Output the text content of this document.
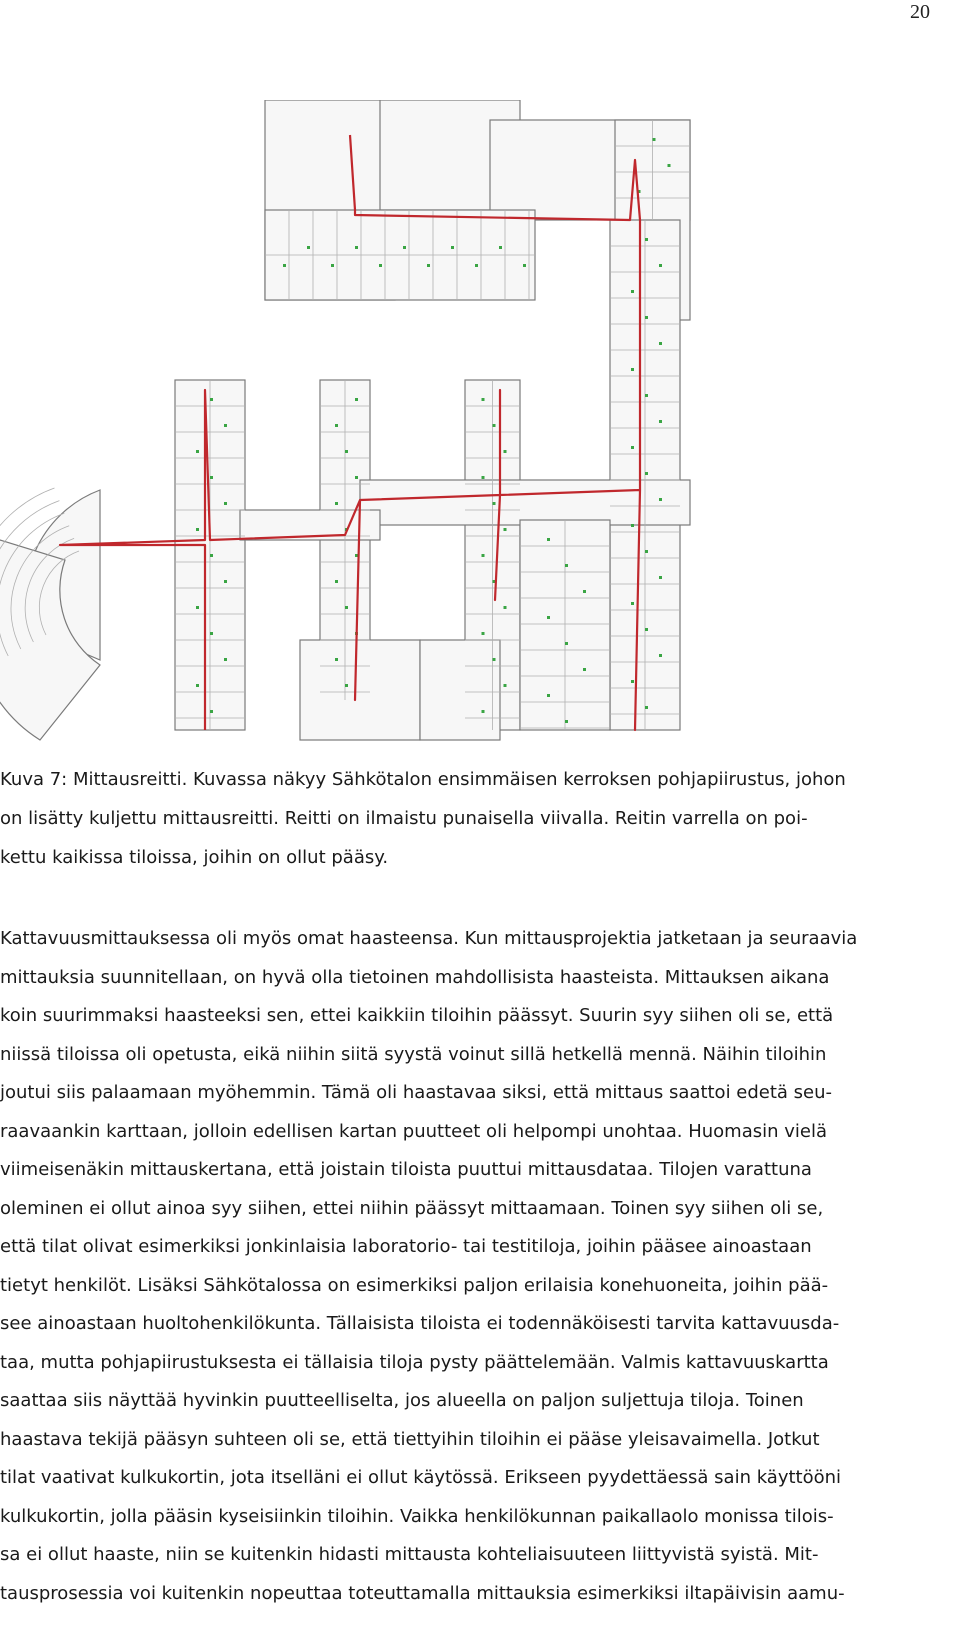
20

Kuva 7: Mittausreitti. Kuvassa näkyy Sähkötalon ensimmäisen kerroksen pohjapiirustus, johon
on lisätty kuljettu mittausreitti. Reitti on ilmaistu punaisella viivalla. Reitin varrella on poi-
kettu kaikissa tiloissa, joihin on ollut pääsy.

Kattavuusmittauksessa oli myös omat haasteensa. Kun mittausprojektia jatketaan ja seuraavia
mittauksia suunnitellaan, on hyvä olla tietoinen mahdollisista haasteista. Mittauksen aikana
koin suurimmaksi haasteeksi sen, ettei kaikkiin tiloihin päässyt. Suurin syy siihen oli se, että
niissä tiloissa oli opetusta, eikä niihin siitä syystä voinut sillä hetkellä mennä. Näihin tiloihin
joutui siis palaamaan myöhemmin. Tämä oli haastavaa siksi, että mittaus saattoi edetä seu-
raavaankin karttaan, jolloin edellisen kartan puutteet oli helpompi unohtaa. Huomasin vielä
viimeisenäkin mittauskertana, että joistain tiloista puuttui mittausdataa. Tilojen varattuna
oleminen ei ollut ainoa syy siihen, ettei niihin päässyt mittaamaan. Toinen syy siihen oli se,
että tilat olivat esimerkiksi jonkinlaisia laboratorio- tai testitiloja, joihin pääsee ainoastaan
tietyt henkilöt. Lisäksi Sähkötalossa on esimerkiksi paljon erilaisia konehuoneita, joihin pää-
see ainoastaan huoltohenkilökunta. Tällaisista tiloista ei todennäköisesti tarvita kattavuusda-
taa, mutta pohjapiirustuksesta ei tällaisia tiloja pysty päättelemään. Valmis kattavuuskartta
saattaa siis näyttää hyvinkin puutteelliselta, jos alueella on paljon suljettuja tiloja. Toinen
haastava tekijä pääsyn suhteen oli se, että tiettyihin tiloihin ei pääse yleisavaimella. Jotkut
tilat vaativat kulkukortin, jota itselläni ei ollut käytössä. Erikseen pyydettäessä sain käyttööni
kulkukortin, jolla pääsin kyseisiinkin tiloihin. Vaikka henkilökunnan paikallaolo monissa tilois-
sa ei ollut haaste, niin se kuitenkin hidasti mittausta kohteliaisuuteen liittyvistä syistä. Mit-
tausprosessia voi kuitenkin nopeuttaa toteuttamalla mittauksia esimerkiksi iltapäivisin aamu-
